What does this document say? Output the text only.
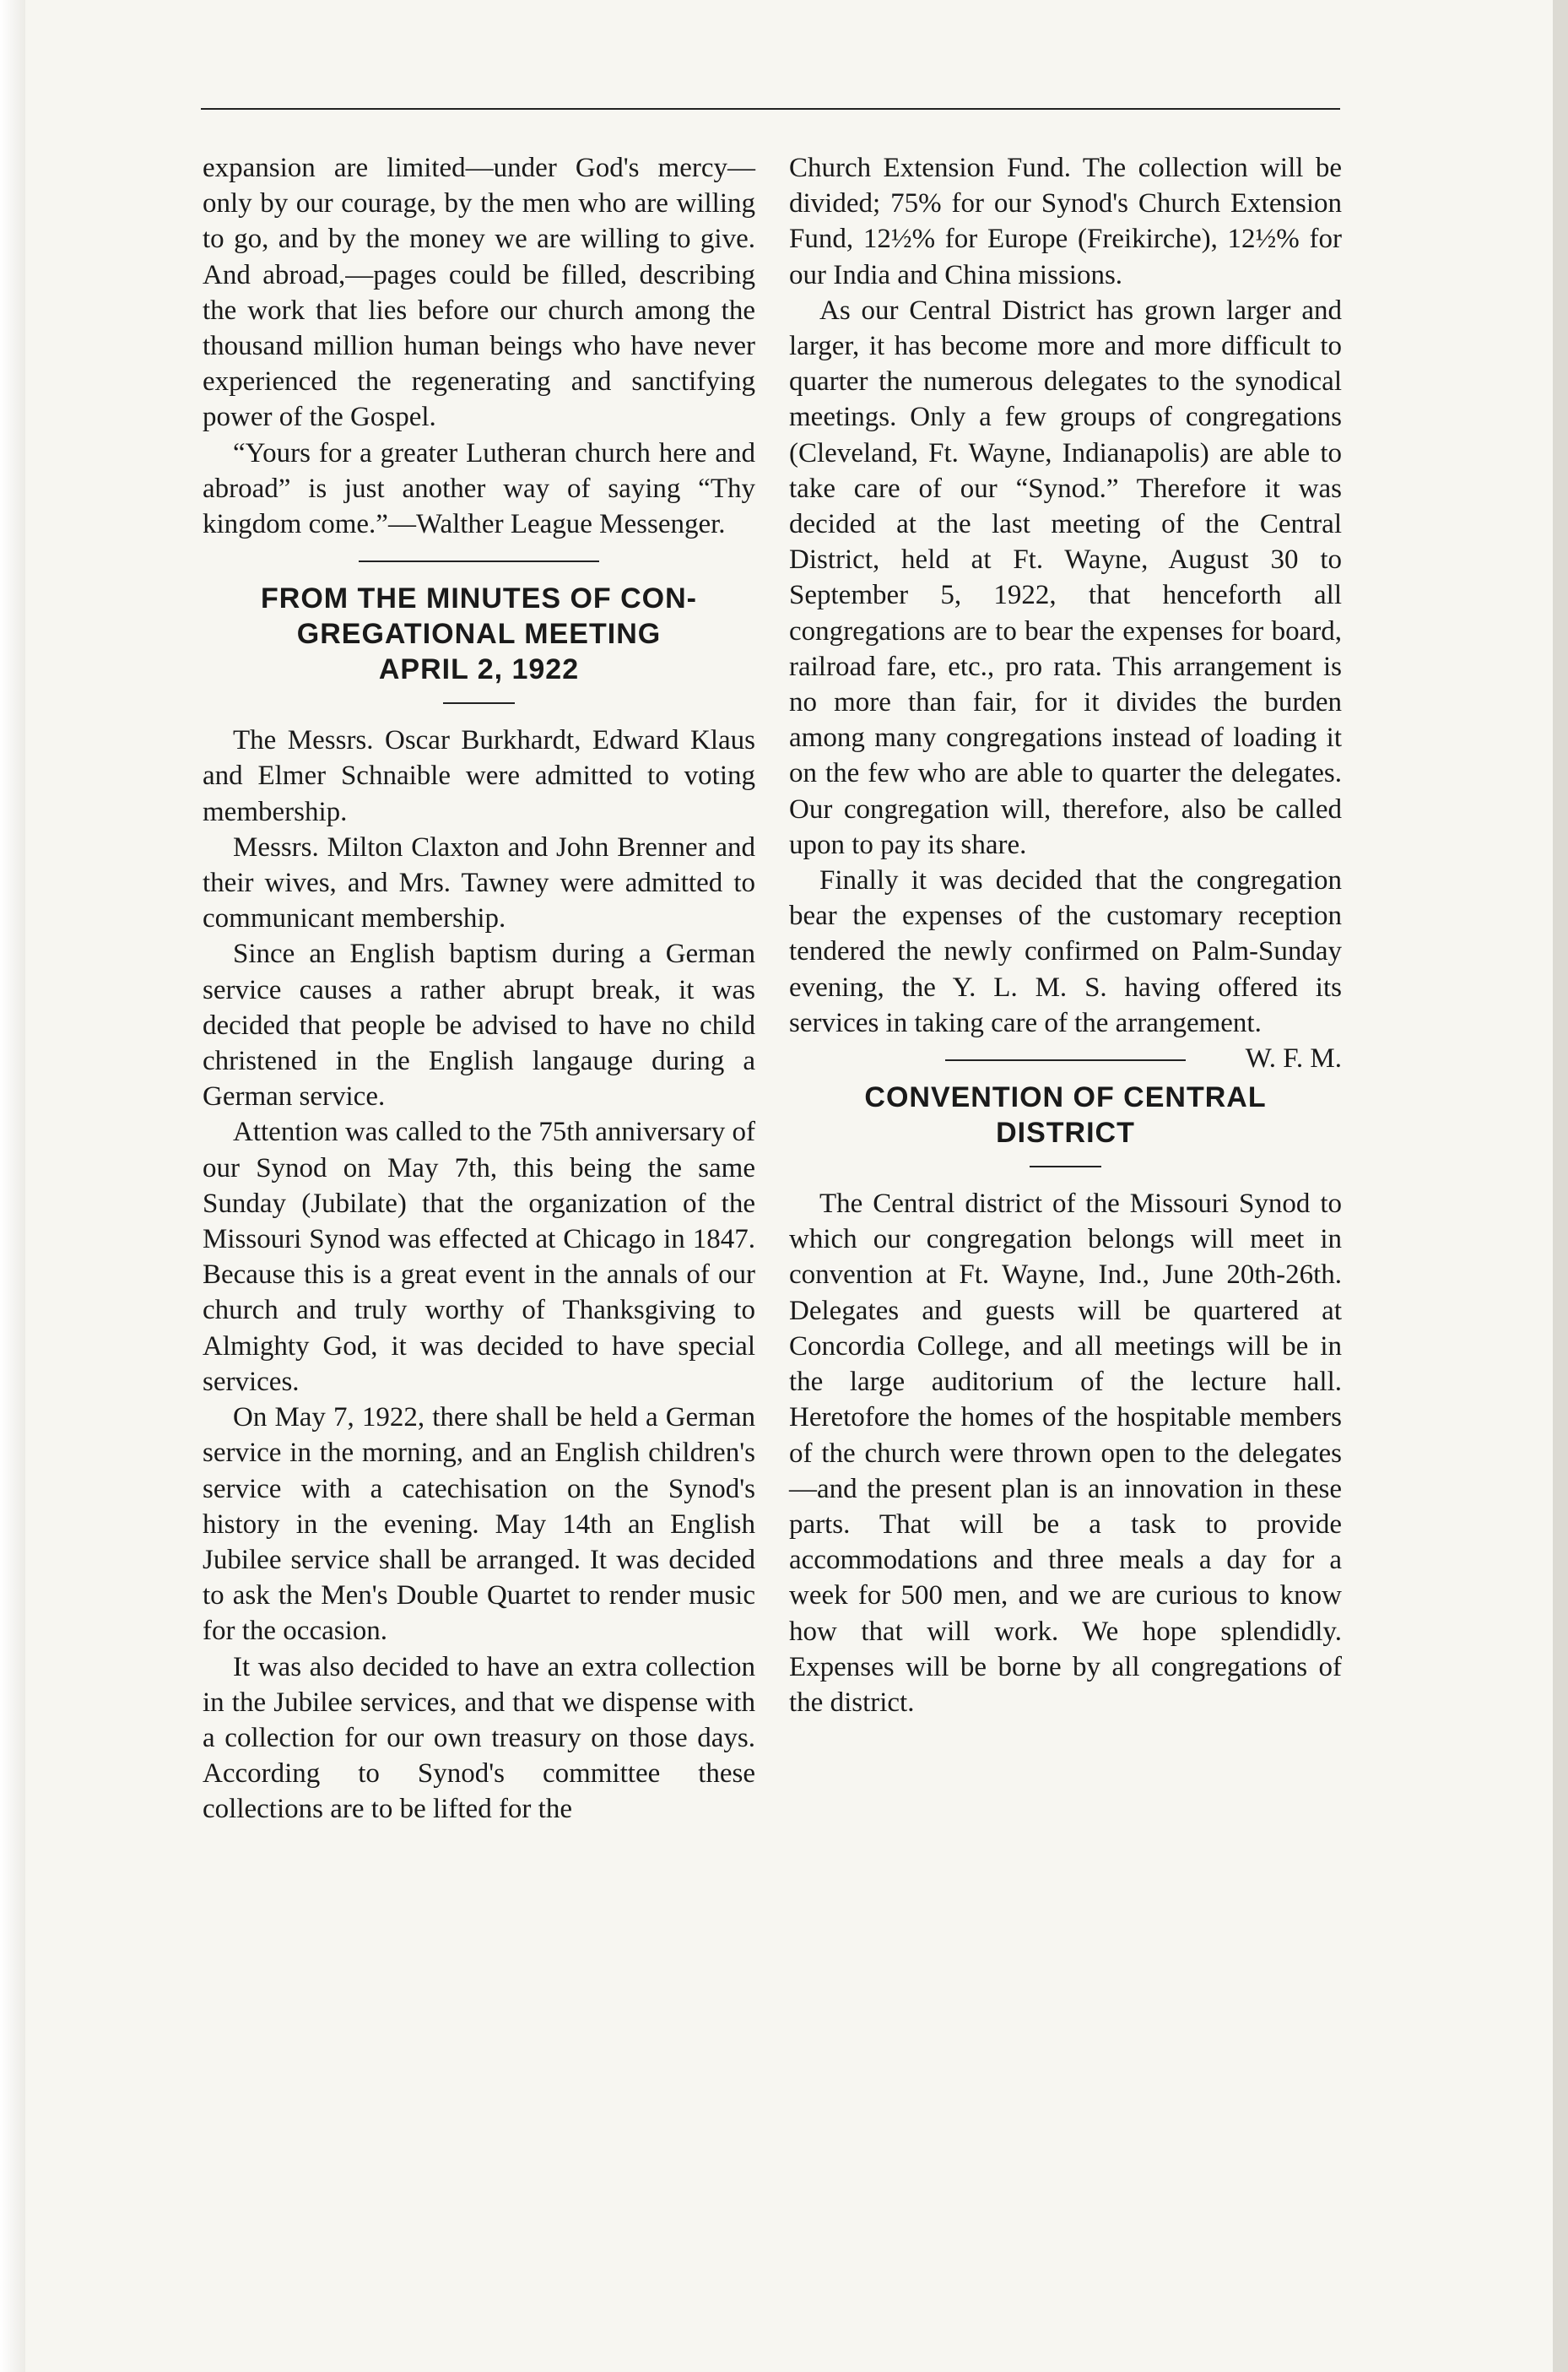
expansion are limited—under God's mercy—only by our courage, by the men who are willing to go, and by the money we are willing to give. And abroad,—pages could be filled, describing the work that lies before our church among the thousand million human beings who have never experienced the regenerating and sanctifying power of the Gospel.

“Yours for a greater Lutheran church here and abroad” is just another way of saying “Thy kingdom come.”—Walther League Messenger.

FROM THE MINUTES OF CON-
GREGATIONAL MEETING
APRIL 2, 1922

The Messrs. Oscar Burkhardt, Edward Klaus and Elmer Schnaible were admitted to voting membership.

Messrs. Milton Claxton and John Brenner and their wives, and Mrs. Tawney were admitted to communicant membership.

Since an English baptism during a German service causes a rather abrupt break, it was decided that people be advised to have no child christened in the English langauge during a German service.

Attention was called to the 75th anniversary of our Synod on May 7th, this being the same Sunday (Jubilate) that the organization of the Missouri Synod was effected at Chicago in 1847. Because this is a great event in the annals of our church and truly worthy of Thanksgiving to Almighty God, it was decided to have special services.

On May 7, 1922, there shall be held a German service in the morning, and an English children's service with a catechisation on the Synod's history in the evening. May 14th an English Jubilee service shall be arranged. It was decided to ask the Men's Double Quartet to render music for the occasion.

It was also decided to have an extra collection in the Jubilee services, and that we dispense with a collection for our own treasury on those days. According to Synod's committee these collections are to be lifted for the

Church Extension Fund. The collection will be divided; 75% for our Synod's Church Extension Fund, 12½% for Europe (Freikirche), 12½% for our India and China missions.

As our Central District has grown larger and larger, it has become more and more difficult to quarter the numerous delegates to the synodical meetings. Only a few groups of congregations (Cleveland, Ft. Wayne, Indianapolis) are able to take care of our “Synod.” Therefore it was decided at the last meeting of the Central District, held at Ft. Wayne, August 30 to September 5, 1922, that henceforth all congregations are to bear the expenses for board, railroad fare, etc., pro rata. This arrangement is no more than fair, for it divides the burden among many congregations instead of loading it on the few who are able to quarter the delegates. Our congregation will, therefore, also be called upon to pay its share.

Finally it was decided that the congregation bear the expenses of the customary reception tendered the newly confirmed on Palm-Sunday evening, the Y. L. M. S. having offered its services in taking care of the arrangement.
W. F. M.

CONVENTION OF CENTRAL
DISTRICT

The Central district of the Missouri Synod to which our congregation belongs will meet in convention at Ft. Wayne, Ind., June 20th-26th. Delegates and guests will be quartered at Concordia College, and all meetings will be in the large auditorium of the lecture hall. Heretofore the homes of the hospitable members of the church were thrown open to the delegates—and the present plan is an innovation in these parts. That will be a task to provide accommodations and three meals a day for a week for 500 men, and we are curious to know how that will work. We hope splendidly. Expenses will be borne by all congregations of the district.
